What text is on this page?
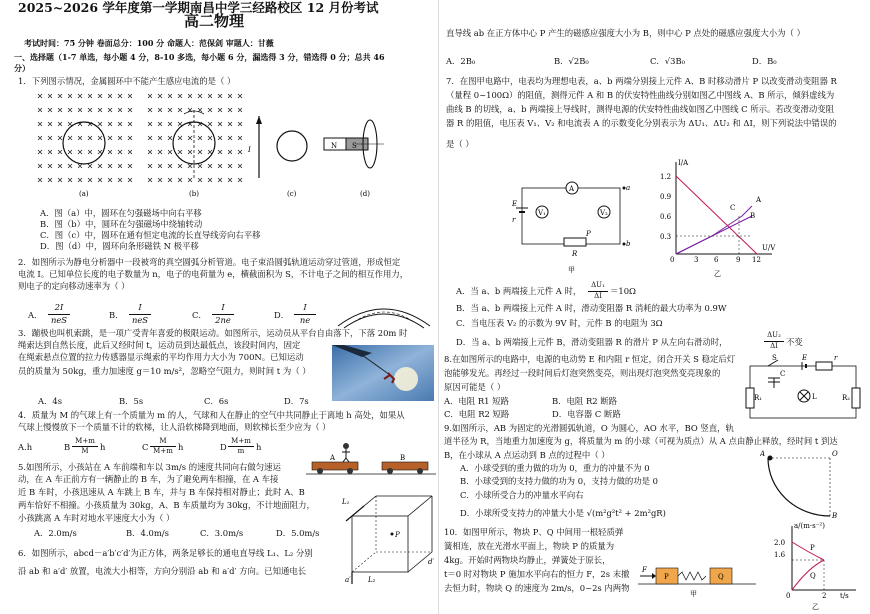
2025~2026 学年度第一学期南昌中学三经路校区 12 月份考试
高二物理
考试时间：75 分钟 卷面总分：100 分 命题人：范保剑 审题人：甘薇
一、选择题（1-7 单选，每小题 4 分，8-10 多选，每小题 6 分，漏选得 3 分，错选得 0 分；总共 46
分）
1．下列图示情况，金属圆环中不能产生感应电流的是（ ）
(a)	(b)	(c)	(d)
I	N S
A．图（a）中，圆环在匀强磁场中向右平移
B．图（b）中，圆环在匀强磁场中绕轴转动
C．图（c）中，圆环在通有恒定电流的长直导线旁向右平移
D．图（d）中，圆环向条形磁铁 N 极平移
2．如图所示为静电分析器中一段被弯的真空圆弧分析管道。电子束沿圆弧轨道运动穿过管道，形成恒定
电流 I。已知单位长度的电子数量为 n，电子的电荷量为 e，横截面积为 S，不计电子之间的相互作用力，
则电子的定向移动速率为（ ）
A．
2I
neS	B．
I
neS	C．
I
2ne	D．
I
ne
3．蹦极也叫机索跳，是一项广受青年喜爱的极限运动。如图所示，运动员从平台自由落下，下落 20m 时
绳索达到自然长度，此后又经时间 t，运动员到达最低点，该段时间内，固定
在绳索悬点位置的拉力传感器显示绳索的平均作用力大小为 700N。已知运动
员的质量为 50kg，重力加速度 g＝10 m/s²，忽略空气阻力，则时间 t 为（ ）
A．4s	B．5s	C．6s	D．7s
4．质量为 M 的气球上有一个质量为 m 的人，气球和人在静止的空气中共同静止于离地 h 高处，如果从
气球上慢慢放下一个质量不计的软梯，让人沿软梯降到地面，则软梯长至少应为（ ）
A.h	B
M+m
M	h	C
M
M+m h	D
M+m
m	h
A	B
5.如图所示，小孩站在 A 车前端和车以 3m/s 的速度共同向右做匀速运
动，在 A 车正前方有一辆静止的 B 车，为了避免两车相撞，在 A 车接
近 B 车时，小孩迅速从 A 车跳上 B 车，并与 B 车保持相对静止；此时 A、B
两车恰好不相撞。小孩质量为 30kg，A、B 车质量均为 30kg，不计地面阻力，
小孩跳离 A 车时对地水平速度大小为（ ）
A．2.0m/s	B．4.0m/s	C．3.0m/s	D．5.0m/s
6．如图所示，abcd－a′b′c′d′为正方体，两条足够长的通电直导线 L₁、L₂ 分别
沿 ab 和 a′d′ 放置，电流大小相等，方向分别沿 ab 和 a′d′ 方向。已知通电长
L₁
a′ L₂
P
d′
直导线 ab 在正方体中心 P 产生的磁感应强度大小为 B，则中心 P 点处的磁感应强度大小为（ ）
A．2B₀	B．√2B₀	C．√3B₀	D．B₀
7．在图甲电路中，电表均为理想电表，a、b 两端分别接上元件 A、B 时移动滑片 P 以改变滑动变阻器 R
（量程 0~100Ω）的阻值，测得元件 A 和 B 的伏安特性曲线分别如图乙中图线 A、B 所示，倾斜虚线为
曲线 B 的切线，a、b 两端接上导线时，测得电源的伏安特性曲线如图乙中图线 C 所示。若改变滑动变阻
器 R 的阻值，电压表 V₁、V₂ 和电流表 A 的示数变化分别表示为 ΔU₁、ΔU₂ 和 ΔI，则下列说法中错误的
是（ ）
A
V₁	V₂
R
P
E
r
a
b
甲
I/A
1.2
0.9
0.6
0.3
0	3 6	9 12
U/V
A
B
C
乙
A．当 a、b 两端接上元件 A 时，
ΔU₁
ΔI ＝10Ω
B．当 a、b 两端接上元件 A 时，滑动变阻器 R 消耗的最大功率为 0.9W
C．当电压表 V₂ 的示数为 9V 时，元件 B 的电阻为 3Ω
D．当 a、b 两端接上元件 B，滑动变阻器 R 的滑片 P 从左向右滑动时，
ΔU₂
ΔI 不变
8.在如图所示的电路中，电源的电动势 E 和内阻 r 恒定，闭合开关 S 稳定后灯
泡能够发光。再经过一段时间后灯泡突然变亮，则出现灯泡突然变亮现象的
原因可能是（ ）
A．电阻 R1 短路	B．电阻 R2 断路
C．电阻 R2 短路	D．电容器 C 断路
S	E	r
C
R₁	L	R₂
9.如图所示，AB 为固定的光滑圆弧轨道，O 为圆心，AO 水平，BO 竖直，轨
道半径为 R，当地重力加速度为 g，将质量为 m 的小球（可视为质点）从 A 点由静止释放，经时间 t 到达
B，在小球从 A 点运动到 B 点的过程中（ ）
A．小球受到的重力做的功为 0，重力的冲量不为 0
B．小球受到的支持力做的功为 0，支持力做的功是 0
C．小球所受合力的冲量水平向右
D．小球所受支持力的冲量大小是 √(m²g²t² + 2m²gR)
A	O
B
10．如图甲所示，物块 P、Q 中间用一根轻质弹
簧相连，放在光滑水平面上，物块 P 的质量为
4kg。开始时两物块均静止，弹簧处于原长，
t＝0 时对物块 P 施加水平向右的恒力 F，2s 末撤
去恒力时，物块 Q 的速度为 2m/s，0~2s 内两物
F
P	Q
甲
a/(m·s⁻²)
2.0
1.6
P
Q
0	2 t/s
乙
